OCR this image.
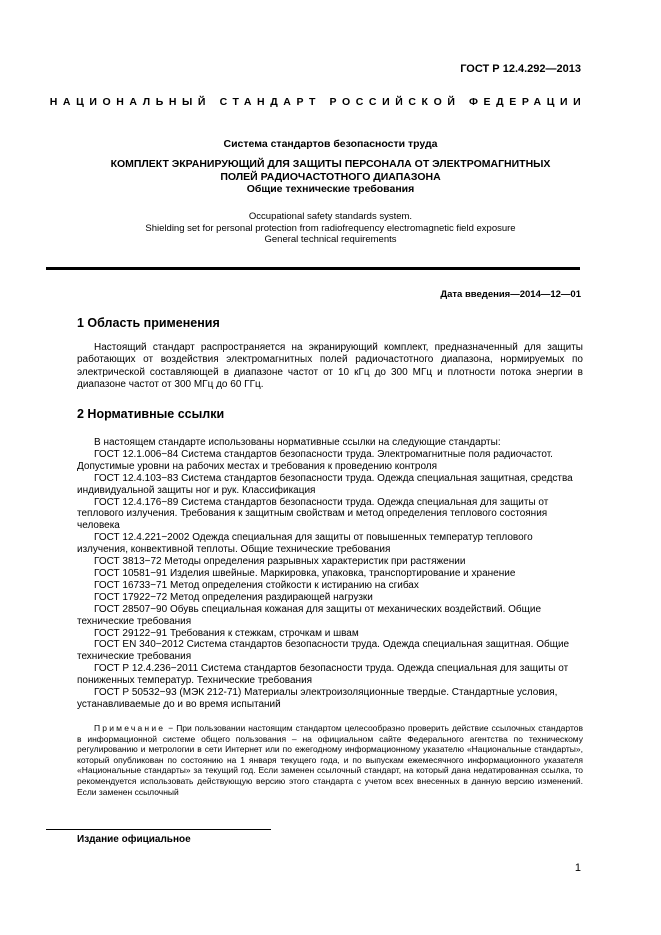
ГОСТ Р 12.4.292—2013
НАЦИОНАЛЬНЫЙ СТАНДАРТ РОССИЙСКОЙ ФЕДЕРАЦИИ
Система стандартов безопасности труда
КОМПЛЕКТ ЭКРАНИРУЮЩИЙ ДЛЯ ЗАЩИТЫ ПЕРСОНАЛА ОТ ЭЛЕКТРОМАГНИТНЫХ
ПОЛЕЙ РАДИОЧАСТОТНОГО ДИАПАЗОНА
Общие технические требования
Occupational safety standards system.
Shielding set for personal protection from radiofrequency electromagnetic field exposure
General technical requirements
Дата введения—2014—12—01
1 Область применения

Настоящий стандарт распространяется на экранирующий комплект, предназначенный для защиты работающих от воздействия электромагнитных полей радиочастотного диапазона, нормируемых по электрической составляющей в диапазоне частот от 10 кГц до 300 МГц и плотности потока энергии в диапазоне частот от 300 МГц до 60 ГГц.

2 Нормативные ссылки

В настоящем стандарте использованы нормативные ссылки на следующие стандарты:

ГОСТ 12.1.006−84 Система стандартов безопасности труда. Электромагнитные поля радиочастот. Допустимые уровни на рабочих местах и требования к проведению контроля

ГОСТ 12.4.103−83 Система стандартов безопасности труда. Одежда специальная защитная, средства индивидуальной защиты ног и рук. Классификация

ГОСТ 12.4.176−89 Система стандартов безопасности труда. Одежда специальная для защиты от теплового излучения. Требования к защитным свойствам и метод определения теплового состояния человека

ГОСТ 12.4.221−2002 Одежда специальная для защиты от повышенных температур теплового излучения, конвективной теплоты. Общие технические требования

ГОСТ 3813−72 Методы определения разрывных характеристик при растяжении

ГОСТ 10581−91 Изделия швейные. Маркировка, упаковка, транспортирование и хранение

ГОСТ 16733−71 Метод определения стойкости к истиранию на сгибах

ГОСТ 17922−72 Метод определения раздирающей нагрузки

ГОСТ 28507−90 Обувь специальная кожаная для защиты от механических воздействий. Общие технические требования

ГОСТ 29122−91 Требования к стежкам, строчкам и швам

ГОСТ EN 340−2012 Система стандартов безопасности труда. Одежда специальная защитная. Общие технические требования

ГОСТ Р 12.4.236−2011 Система стандартов безопасности труда. Одежда специальная для защиты от пониженных температур. Технические требования

ГОСТ Р 50532−93 (МЭК 212-71) Материалы электроизоляционные твердые. Стандартные условия, устанавливаемые до и во время испытаний

Примечание − При пользовании настоящим стандартом целесообразно проверить действие ссылочных стандартов в информационной системе общего пользования – на официальном сайте Федерального агентства по техническому регулированию и метрологии в сети Интернет или по ежегодному информационному указателю «Национальные стандарты», который опубликован по состоянию на 1 января текущего года, и по выпускам ежемесячного информационного указателя «Национальные стандарты» за текущий год. Если заменен ссылочный стандарт, на который дана недатированная ссылка, то рекомендуется использовать действующую версию этого стандарта с учетом всех внесенных в данную версию изменений. Если заменен ссылочный

Издание официальное
1
